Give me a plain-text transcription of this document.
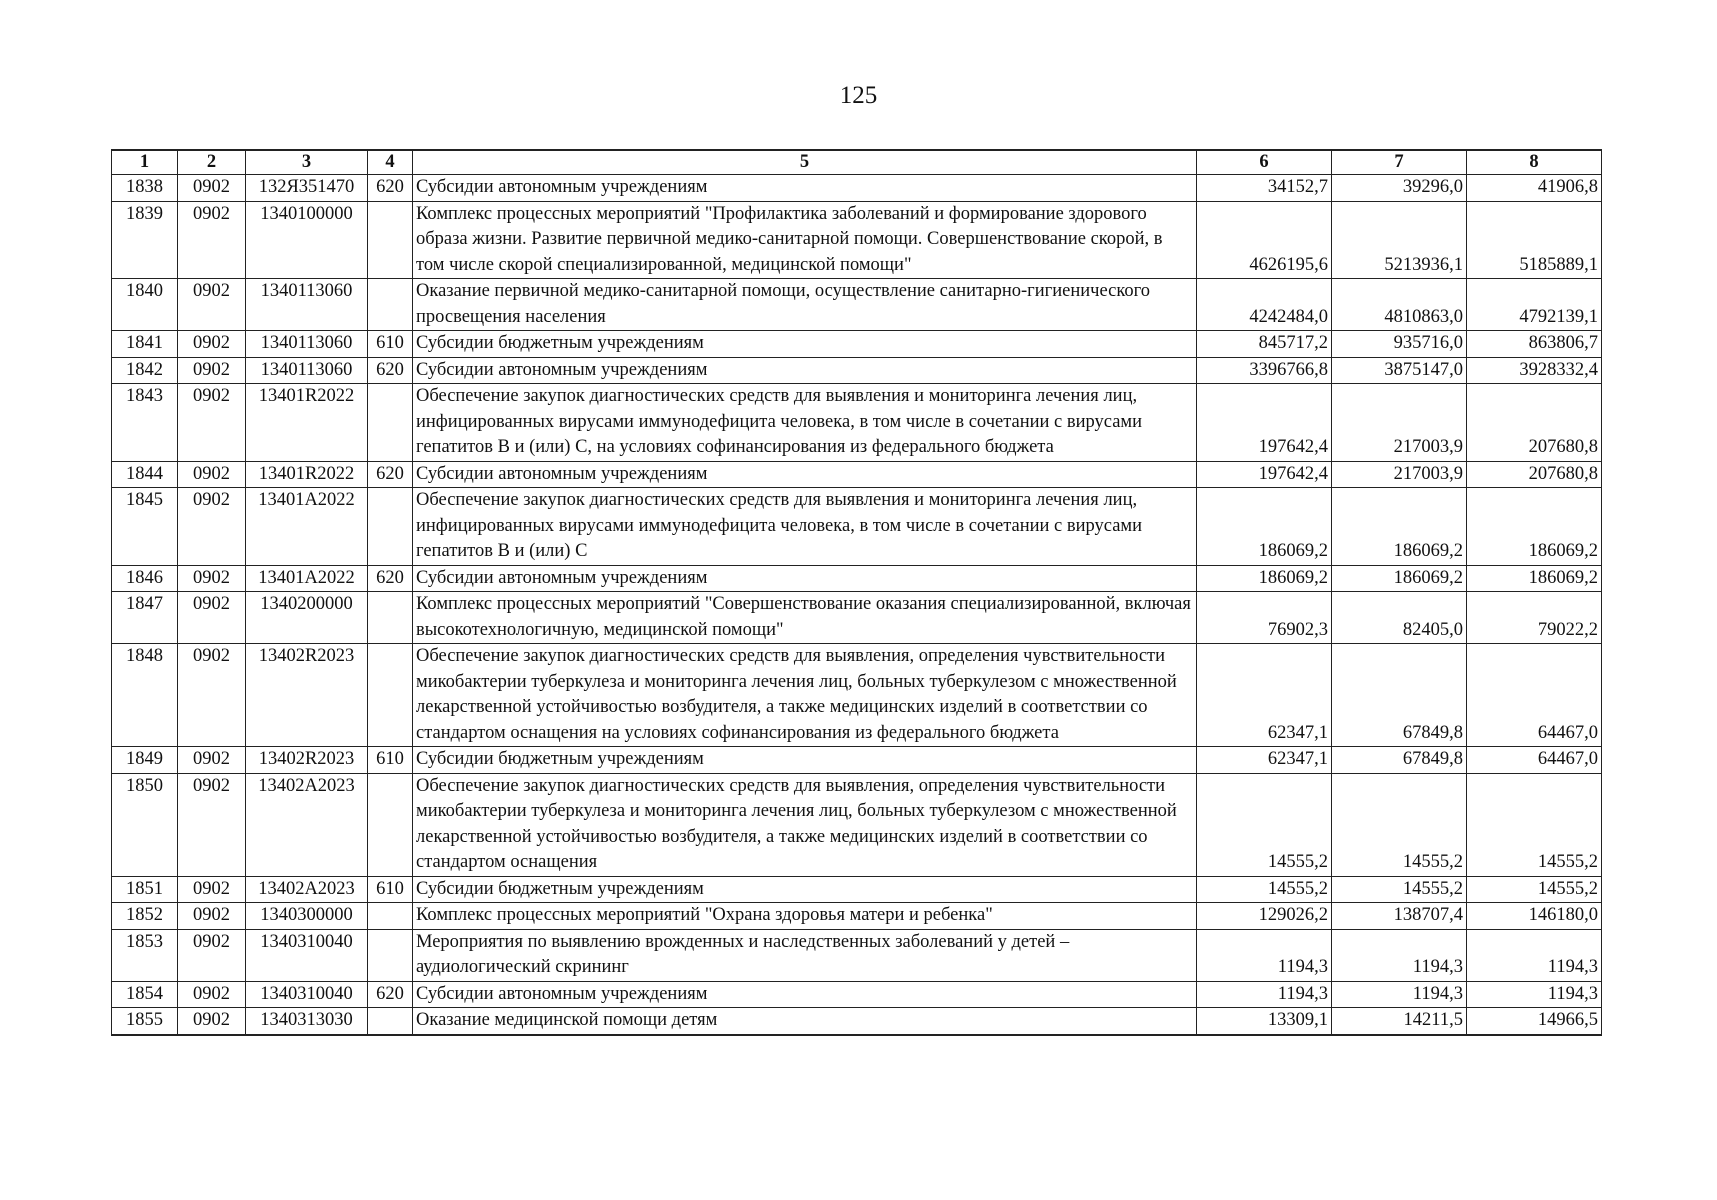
125
1	2	3	4	5	6	7	8
1838	0902	132Я351470	620	Субсидии автономным учреждениям	34152,7	39296,0	41906,8
1839	0902	1340100000		Комплекс процессных мероприятий "Профилактика заболеваний и формирование здорового образа жизни. Развитие первичной медико-санитарной помощи. Совершенствование скорой, в том числе скорой специализированной, медицинской помощи"	4626195,6	5213936,1	5185889,1
1840	0902	1340113060		Оказание первичной медико-санитарной помощи, осуществление санитарно-гигиенического просвещения населения	4242484,0	4810863,0	4792139,1
1841	0902	1340113060	610	Субсидии бюджетным учреждениям	845717,2	935716,0	863806,7
1842	0902	1340113060	620	Субсидии автономным учреждениям	3396766,8	3875147,0	3928332,4
1843	0902	13401R2022		Обеспечение закупок диагностических средств для выявления и мониторинга лечения лиц, инфицированных вирусами иммунодефицита человека, в том числе в сочетании с вирусами гепатитов В и (или) С, на условиях софинансирования из федерального бюджета	197642,4	217003,9	207680,8
1844	0902	13401R2022	620	Субсидии автономным учреждениям	197642,4	217003,9	207680,8
1845	0902	13401A2022		Обеспечение закупок диагностических средств для выявления и мониторинга лечения лиц, инфицированных вирусами иммунодефицита человека, в том числе в сочетании с вирусами гепатитов В и (или) С	186069,2	186069,2	186069,2
1846	0902	13401A2022	620	Субсидии автономным учреждениям	186069,2	186069,2	186069,2
1847	0902	1340200000		Комплекс процессных мероприятий "Совершенствование оказания специализированной, включая высокотехнологичную, медицинской помощи"	76902,3	82405,0	79022,2
1848	0902	13402R2023		Обеспечение закупок диагностических средств для выявления, определения чувствительности микобактерии туберкулеза и мониторинга лечения лиц, больных туберкулезом с множественной лекарственной устойчивостью возбудителя, а также медицинских изделий в соответствии со стандартом оснащения на условиях софинансирования из федерального бюджета	62347,1	67849,8	64467,0
1849	0902	13402R2023	610	Субсидии бюджетным учреждениям	62347,1	67849,8	64467,0
1850	0902	13402A2023		Обеспечение закупок диагностических средств для выявления, определения чувствительности микобактерии туберкулеза и мониторинга лечения лиц, больных туберкулезом с множественной лекарственной устойчивостью возбудителя, а также медицинских изделий в соответствии со стандартом оснащения	14555,2	14555,2	14555,2
1851	0902	13402A2023	610	Субсидии бюджетным учреждениям	14555,2	14555,2	14555,2
1852	0902	1340300000		Комплекс процессных мероприятий "Охрана здоровья матери и ребенка"	129026,2	138707,4	146180,0
1853	0902	1340310040		Мероприятия по выявлению врожденных и наследственных заболеваний у детей – аудиологический скрининг	1194,3	1194,3	1194,3
1854	0902	1340310040	620	Субсидии автономным учреждениям	1194,3	1194,3	1194,3
1855	0902	1340313030		Оказание медицинской помощи детям	13309,1	14211,5	14966,5
